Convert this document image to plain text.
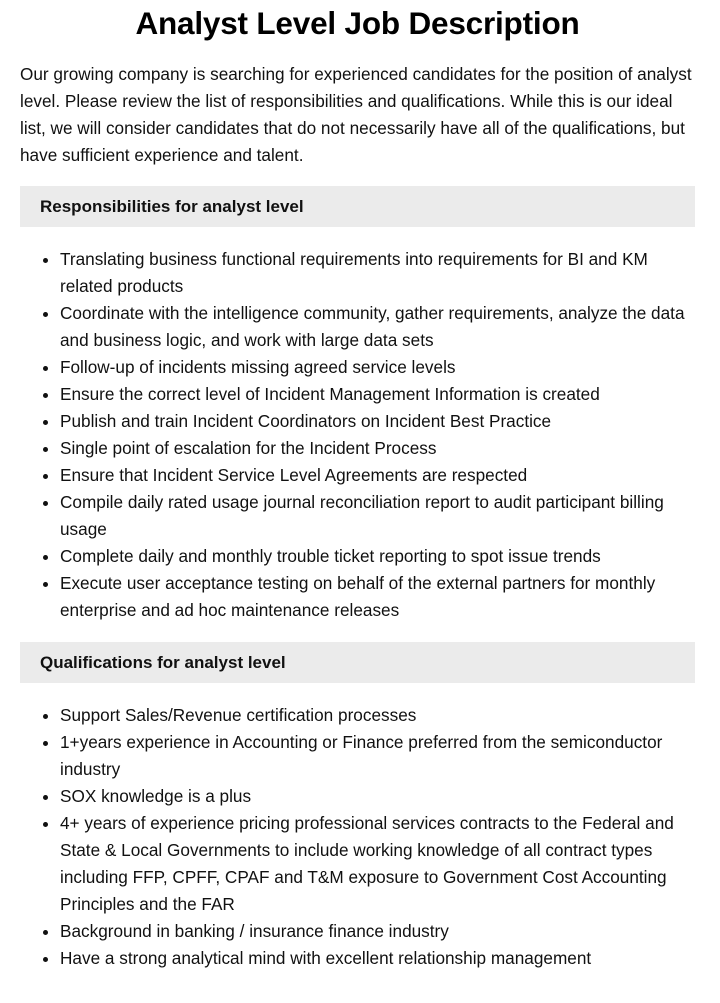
Analyst Level Job Description

Our growing company is searching for experienced candidates for the position of analyst level. Please review the list of responsibilities and qualifications. While this is our ideal list, we will consider candidates that do not necessarily have all of the qualifications, but have sufficient experience and talent.

Responsibilities for analyst level
Translating business functional requirements into requirements for BI and KM related products
Coordinate with the intelligence community, gather requirements, analyze the data and business logic, and work with large data sets
Follow-up of incidents missing agreed service levels
Ensure the correct level of Incident Management Information is created
Publish and train Incident Coordinators on Incident Best Practice
Single point of escalation for the Incident Process
Ensure that Incident Service Level Agreements are respected
Compile daily rated usage journal reconciliation report to audit participant billing usage
Complete daily and monthly trouble ticket reporting to spot issue trends
Execute user acceptance testing on behalf of the external partners for monthly enterprise and ad hoc maintenance releases
Qualifications for analyst level
Support Sales/Revenue certification processes
1+years experience in Accounting or Finance preferred from the semiconductor industry
SOX knowledge is a plus
4+ years of experience pricing professional services contracts to the Federal and State & Local Governments to include working knowledge of all contract types including FFP, CPFF, CPAF and T&M exposure to Government Cost Accounting Principles and the FAR
Background in banking / insurance finance industry
Have a strong analytical mind with excellent relationship management
